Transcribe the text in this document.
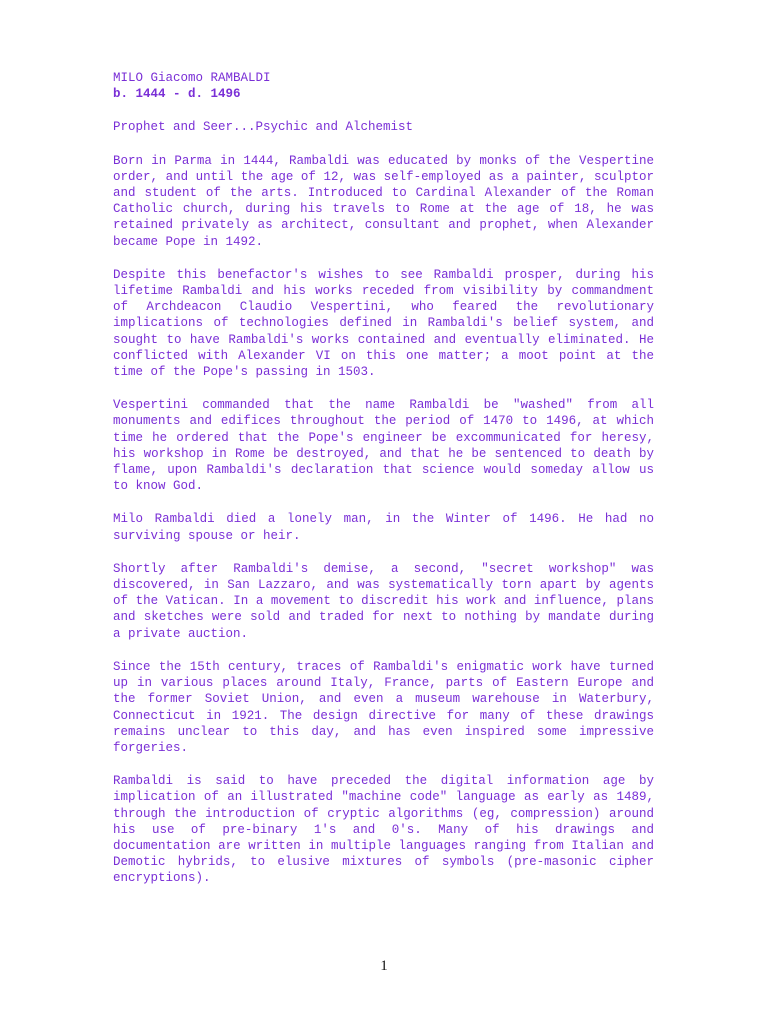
MILO Giacomo RAMBALDI

b. 1444 - d. 1496

Prophet and Seer...Psychic and Alchemist

Born in Parma in 1444, Rambaldi was educated by monks of the Vespertine order, and until the age of 12, was self-employed as a painter, sculptor and student of the arts. Introduced to Cardinal Alexander of the Roman Catholic church, during his travels to Rome at the age of 18, he was retained privately as architect, consultant and prophet, when Alexander became Pope in 1492.

Despite this benefactor's wishes to see Rambaldi prosper, during his lifetime Rambaldi and his works receded from visibility by commandment of Archdeacon Claudio Vespertini, who feared the revolutionary implications of technologies defined in Rambaldi's belief system, and sought to have Rambaldi's works contained and eventually eliminated. He conflicted with Alexander VI on this one matter; a moot point at the time of the Pope's passing in 1503.

Vespertini commanded that the name Rambaldi be "washed" from all monuments and edifices throughout the period of 1470 to 1496, at which time he ordered that the Pope's engineer be excommunicated for heresy, his workshop in Rome be destroyed, and that he be sentenced to death by flame, upon Rambaldi's declaration that science would someday allow us to know God.

Milo Rambaldi died a lonely man, in the Winter of 1496. He had no surviving spouse or heir.

Shortly after Rambaldi's demise, a second, "secret workshop" was discovered, in San Lazzaro, and was systematically torn apart by agents of the Vatican. In a movement to discredit his work and influence, plans and sketches were sold and traded for next to nothing by mandate during a private auction.

Since the 15th century, traces of Rambaldi's enigmatic work have turned up in various places around Italy, France, parts of Eastern Europe and the former Soviet Union, and even a museum warehouse in Waterbury, Connecticut in 1921. The design directive for many of these drawings remains unclear to this day, and has even inspired some impressive forgeries.

Rambaldi is said to have preceded the digital information age by implication of an illustrated "machine code" language as early as 1489, through the introduction of cryptic algorithms (eg, compression) around his use of pre-binary 1's and 0's. Many of his drawings and documentation are written in multiple languages ranging from Italian and Demotic hybrids, to elusive mixtures of symbols (pre-masonic cipher encryptions).

1
